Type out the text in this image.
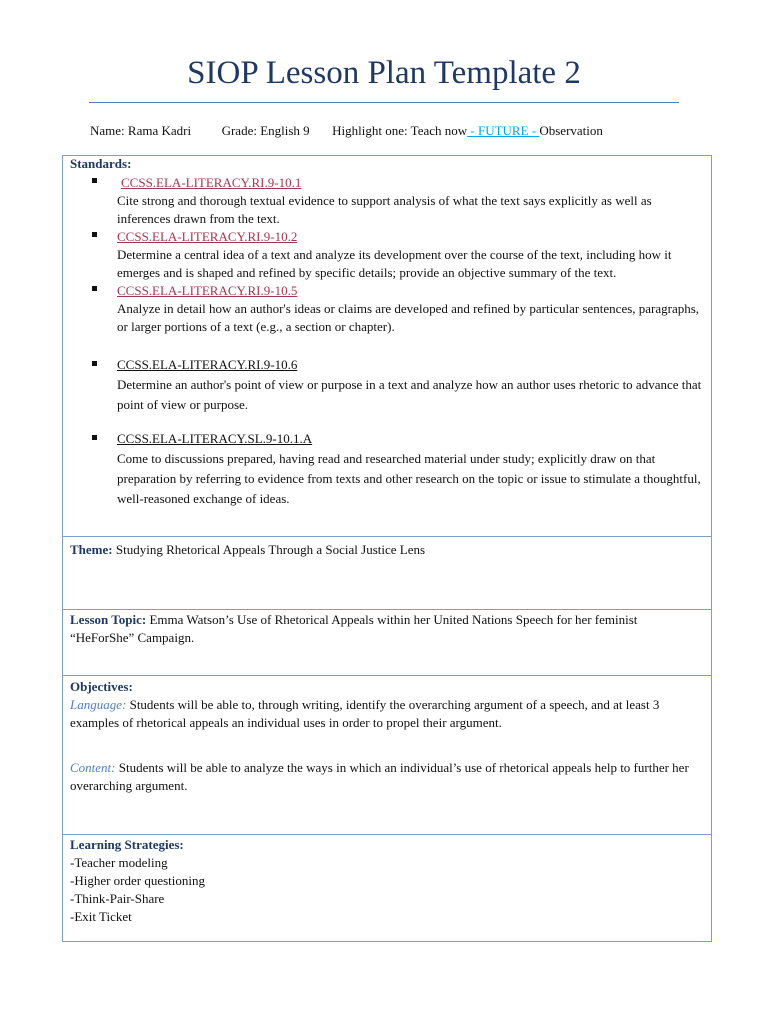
SIOP Lesson Plan Template 2
Name: Rama Kadri Grade: English 9 Highlight one: Teach now - FUTURE - Observation
Standards:
CCSS.ELA-LITERACY.RI.9-10.1
Cite strong and thorough textual evidence to support analysis of what the text says explicitly as well as inferences drawn from the text.
CCSS.ELA-LITERACY.RI.9-10.2
Determine a central idea of a text and analyze its development over the course of the text, including how it emerges and is shaped and refined by specific details; provide an objective summary of the text.
CCSS.ELA-LITERACY.RI.9-10.5
Analyze in detail how an author's ideas or claims are developed and refined by particular sentences, paragraphs, or larger portions of a text (e.g., a section or chapter).
CCSS.ELA-LITERACY.RI.9-10.6
Determine an author's point of view or purpose in a text and analyze how an author uses rhetoric to advance that point of view or purpose.
CCSS.ELA-LITERACY.SL.9-10.1.A
Come to discussions prepared, having read and researched material under study; explicitly draw on that preparation by referring to evidence from texts and other research on the topic or issue to stimulate a thoughtful, well-reasoned exchange of ideas.
Theme: Studying Rhetorical Appeals Through a Social Justice Lens
Lesson Topic: Emma Watson’s Use of Rhetorical Appeals within her United Nations Speech for her feminist “HeForShe” Campaign.
Objectives:
Language: Students will be able to, through writing, identify the overarching argument of a speech, and at least 3 examples of rhetorical appeals an individual uses in order to propel their argument.
Content: Students will be able to analyze the ways in which an individual’s use of rhetorical appeals help to further her overarching argument.
Learning Strategies:
-Teacher modeling
-Higher order questioning
-Think-Pair-Share
-Exit Ticket
